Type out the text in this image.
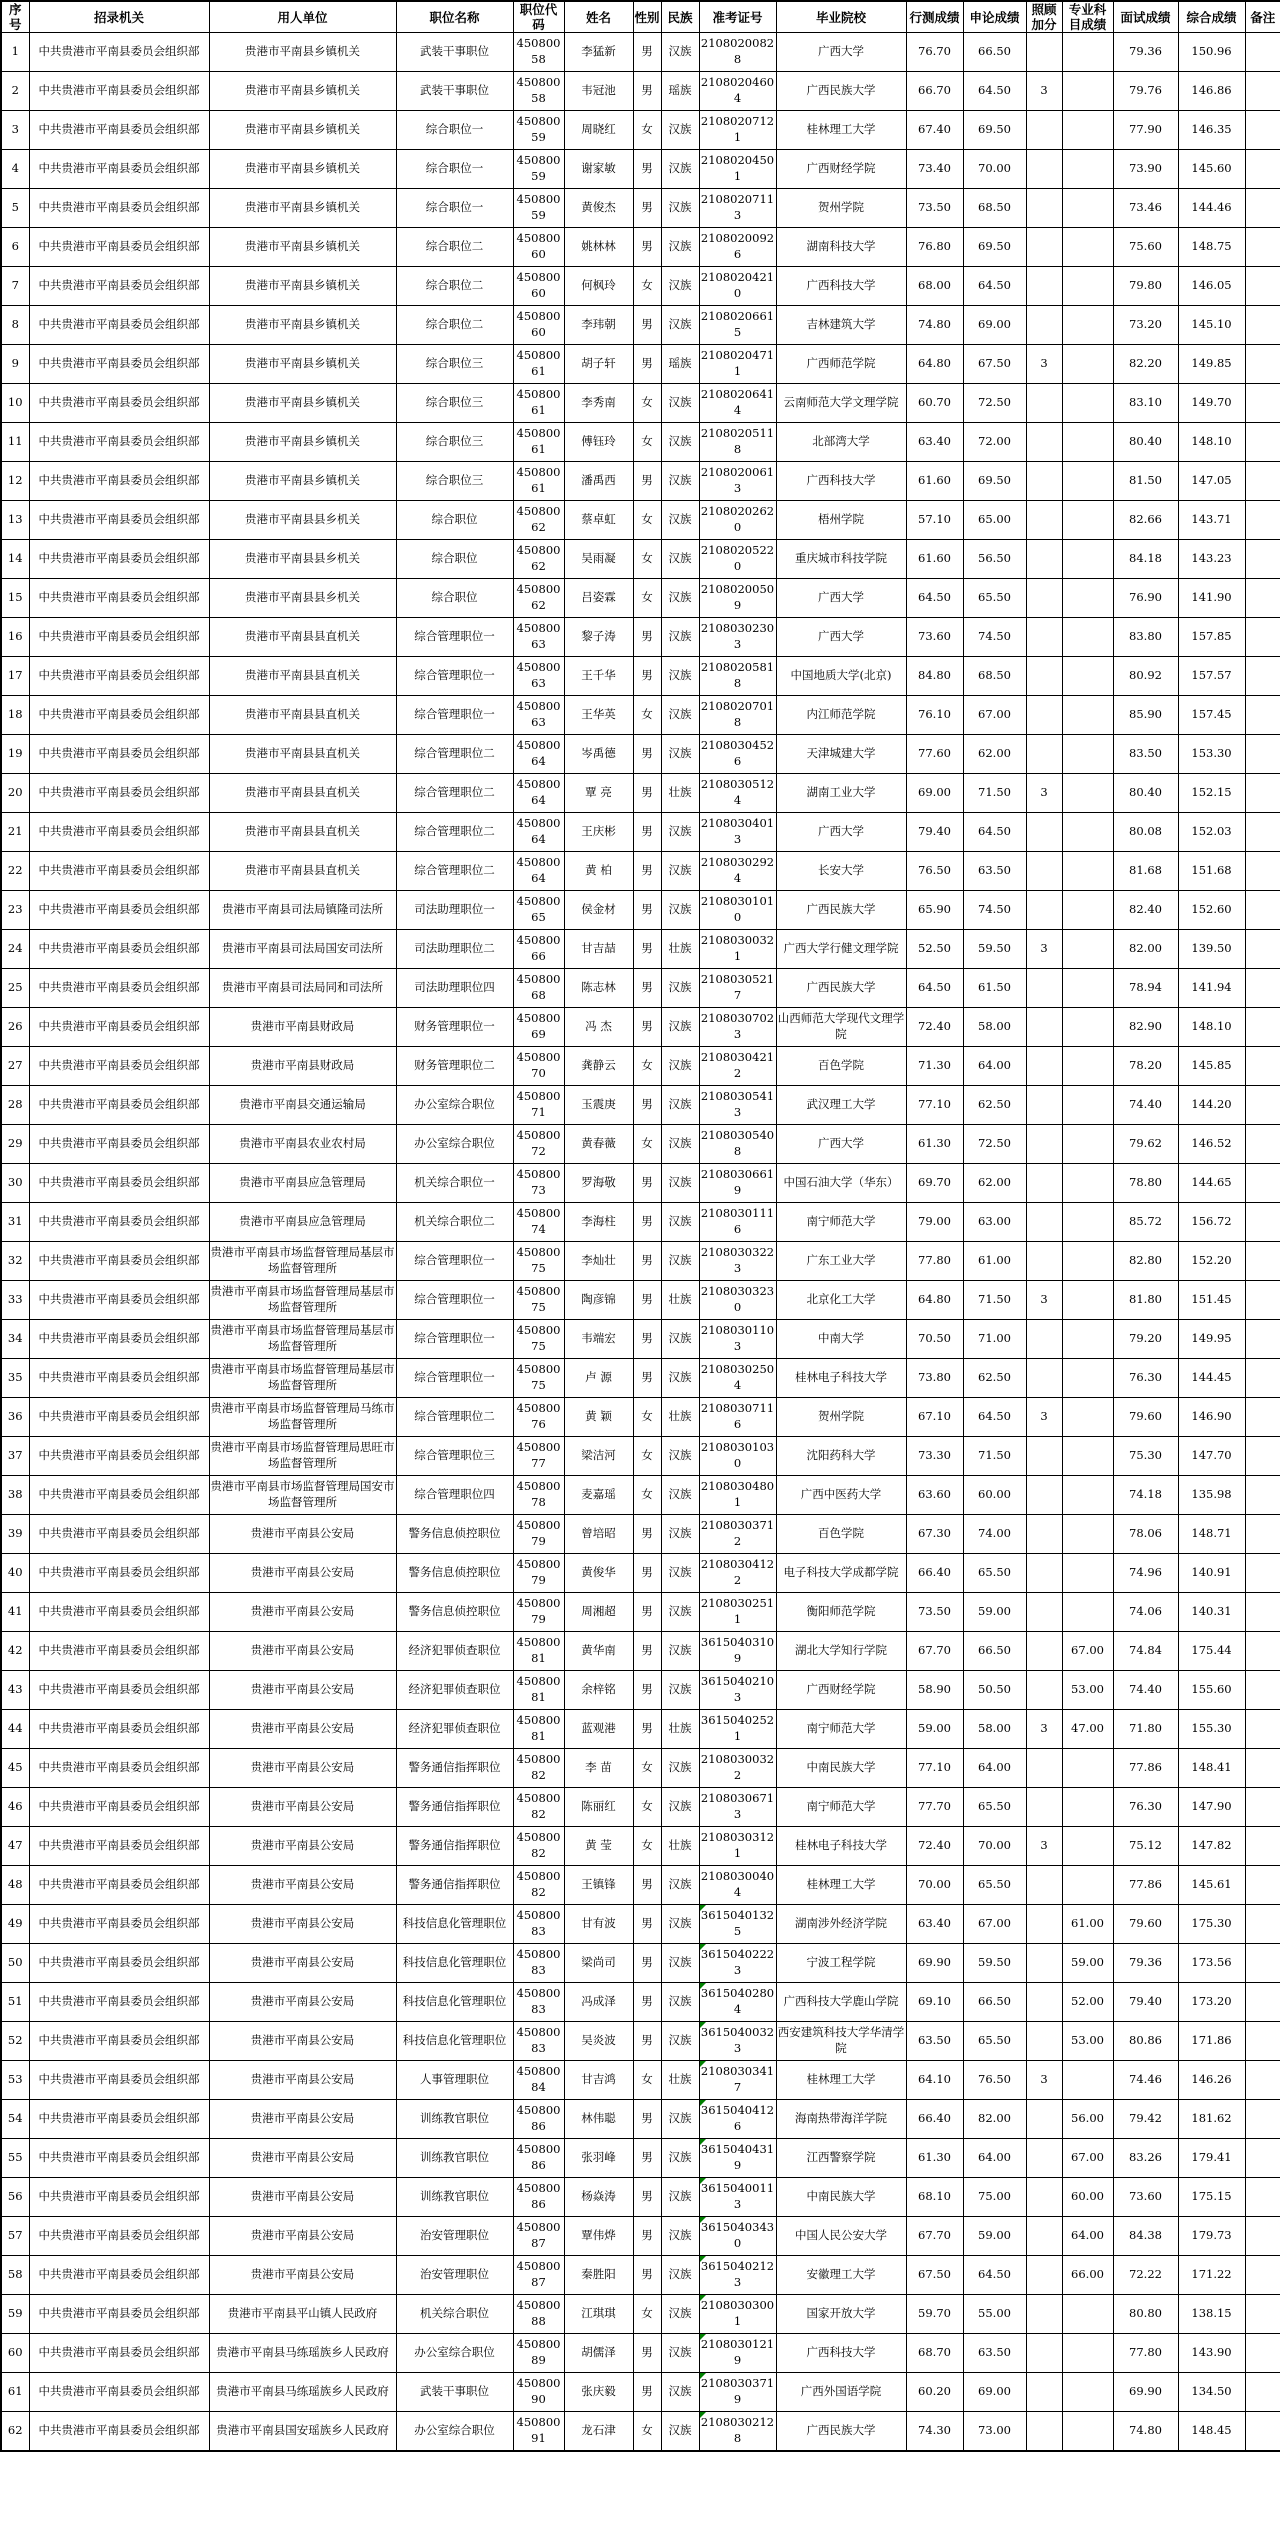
序号	招录机关	用人单位	职位名称	职位代码	姓名	性别	民族	准考证号	毕业院校	行测成绩	申论成绩	照顾加分	专业科目成绩	面试成绩	综合成绩	备注
1	中共贵港市平南县委员会组织部	贵港市平南县乡镇机关	武装干事职位	45080058	李猛新	男	汉族	21080200828	广西大学	76.70	66.50			79.36	150.96	
2	中共贵港市平南县委员会组织部	贵港市平南县乡镇机关	武装干事职位	45080058	韦冠池	男	瑶族	21080204604	广西民族大学	66.70	64.50	3		79.76	146.86	
3	中共贵港市平南县委员会组织部	贵港市平南县乡镇机关	综合职位一	45080059	周晓红	女	汉族	21080207121	桂林理工大学	67.40	69.50			77.90	146.35	
4	中共贵港市平南县委员会组织部	贵港市平南县乡镇机关	综合职位一	45080059	谢家敏	男	汉族	21080204501	广西财经学院	73.40	70.00			73.90	145.60	
5	中共贵港市平南县委员会组织部	贵港市平南县乡镇机关	综合职位一	45080059	黄俊杰	男	汉族	21080207113	贺州学院	73.50	68.50			73.46	144.46	
6	中共贵港市平南县委员会组织部	贵港市平南县乡镇机关	综合职位二	45080060	姚林林	男	汉族	21080200926	湖南科技大学	76.80	69.50			75.60	148.75	
7	中共贵港市平南县委员会组织部	贵港市平南县乡镇机关	综合职位二	45080060	何枫玲	女	汉族	21080204210	广西科技大学	68.00	64.50			79.80	146.05	
8	中共贵港市平南县委员会组织部	贵港市平南县乡镇机关	综合职位二	45080060	李玮朝	男	汉族	21080206615	吉林建筑大学	74.80	69.00			73.20	145.10	
9	中共贵港市平南县委员会组织部	贵港市平南县乡镇机关	综合职位三	45080061	胡子轩	男	瑶族	21080204711	广西师范学院	64.80	67.50	3		82.20	149.85	
10	中共贵港市平南县委员会组织部	贵港市平南县乡镇机关	综合职位三	45080061	李秀南	女	汉族	21080206414	云南师范大学文理学院	60.70	72.50			83.10	149.70	
11	中共贵港市平南县委员会组织部	贵港市平南县乡镇机关	综合职位三	45080061	傅钰玲	女	汉族	21080205118	北部湾大学	63.40	72.00			80.40	148.10	
12	中共贵港市平南县委员会组织部	贵港市平南县乡镇机关	综合职位三	45080061	潘禹西	男	汉族	21080200613	广西科技大学	61.60	69.50			81.50	147.05	
13	中共贵港市平南县委员会组织部	贵港市平南县县乡机关	综合职位	45080062	蔡卓虹	女	汉族	21080202620	梧州学院	57.10	65.00			82.66	143.71	
14	中共贵港市平南县委员会组织部	贵港市平南县县乡机关	综合职位	45080062	吴雨凝	女	汉族	21080205220	重庆城市科技学院	61.60	56.50			84.18	143.23	
15	中共贵港市平南县委员会组织部	贵港市平南县县乡机关	综合职位	45080062	吕姿霖	女	汉族	21080200509	广西大学	64.50	65.50			76.90	141.90	
16	中共贵港市平南县委员会组织部	贵港市平南县县直机关	综合管理职位一	45080063	黎子涛	男	汉族	21080302303	广西大学	73.60	74.50			83.80	157.85	
17	中共贵港市平南县委员会组织部	贵港市平南县县直机关	综合管理职位一	45080063	王千华	男	汉族	21080205818	中国地质大学(北京)	84.80	68.50			80.92	157.57	
18	中共贵港市平南县委员会组织部	贵港市平南县县直机关	综合管理职位一	45080063	王华英	女	汉族	21080207018	内江师范学院	76.10	67.00			85.90	157.45	
19	中共贵港市平南县委员会组织部	贵港市平南县县直机关	综合管理职位二	45080064	岑禹德	男	汉族	21080304526	天津城建大学	77.60	62.00			83.50	153.30	
20	中共贵港市平南县委员会组织部	贵港市平南县县直机关	综合管理职位二	45080064	覃 亮	男	壮族	21080305124	湖南工业大学	69.00	71.50	3		80.40	152.15	
21	中共贵港市平南县委员会组织部	贵港市平南县县直机关	综合管理职位二	45080064	王庆彬	男	汉族	21080304013	广西大学	79.40	64.50			80.08	152.03	
22	中共贵港市平南县委员会组织部	贵港市平南县县直机关	综合管理职位二	45080064	黄 柏	男	汉族	21080302924	长安大学	76.50	63.50			81.68	151.68	
23	中共贵港市平南县委员会组织部	贵港市平南县司法局镇隆司法所	司法助理职位一	45080065	侯金材	男	汉族	21080301010	广西民族大学	65.90	74.50			82.40	152.60	
24	中共贵港市平南县委员会组织部	贵港市平南县司法局国安司法所	司法助理职位二	45080066	甘吉喆	男	壮族	21080300321	广西大学行健文理学院	52.50	59.50	3		82.00	139.50	
25	中共贵港市平南县委员会组织部	贵港市平南县司法局同和司法所	司法助理职位四	45080068	陈志林	男	汉族	21080305217	广西民族大学	64.50	61.50			78.94	141.94	
26	中共贵港市平南县委员会组织部	贵港市平南县财政局	财务管理职位一	45080069	冯 杰	男	汉族	21080307023	山西师范大学现代文理学院	72.40	58.00			82.90	148.10	
27	中共贵港市平南县委员会组织部	贵港市平南县财政局	财务管理职位二	45080070	龚静云	女	汉族	21080304212	百色学院	71.30	64.00			78.20	145.85	
28	中共贵港市平南县委员会组织部	贵港市平南县交通运输局	办公室综合职位	45080071	玉震庚	男	汉族	21080305413	武汉理工大学	77.10	62.50			74.40	144.20	
29	中共贵港市平南县委员会组织部	贵港市平南县农业农村局	办公室综合职位	45080072	黄春薇	女	汉族	21080305408	广西大学	61.30	72.50			79.62	146.52	
30	中共贵港市平南县委员会组织部	贵港市平南县应急管理局	机关综合职位一	45080073	罗海敬	男	汉族	21080306619	中国石油大学（华东）	69.70	62.00			78.80	144.65	
31	中共贵港市平南县委员会组织部	贵港市平南县应急管理局	机关综合职位二	45080074	李海柱	男	汉族	21080301116	南宁师范大学	79.00	63.00			85.72	156.72	
32	中共贵港市平南县委员会组织部	贵港市平南县市场监督管理局基层市场监督管理所	综合管理职位一	45080075	李灿壮	男	汉族	21080303223	广东工业大学	77.80	61.00			82.80	152.20	
33	中共贵港市平南县委员会组织部	贵港市平南县市场监督管理局基层市场监督管理所	综合管理职位一	45080075	陶彦锦	男	壮族	21080303230	北京化工大学	64.80	71.50	3		81.80	151.45	
34	中共贵港市平南县委员会组织部	贵港市平南县市场监督管理局基层市场监督管理所	综合管理职位一	45080075	韦端宏	男	汉族	21080301103	中南大学	70.50	71.00			79.20	149.95	
35	中共贵港市平南县委员会组织部	贵港市平南县市场监督管理局基层市场监督管理所	综合管理职位一	45080075	卢 源	男	汉族	21080302504	桂林电子科技大学	73.80	62.50			76.30	144.45	
36	中共贵港市平南县委员会组织部	贵港市平南县市场监督管理局马练市场监督管理所	综合管理职位二	45080076	黄 颖	女	壮族	21080307116	贺州学院	67.10	64.50	3		79.60	146.90	
37	中共贵港市平南县委员会组织部	贵港市平南县市场监督管理局思旺市场监督管理所	综合管理职位三	45080077	梁洁河	女	汉族	21080301030	沈阳药科大学	73.30	71.50			75.30	147.70	
38	中共贵港市平南县委员会组织部	贵港市平南县市场监督管理局国安市场监督管理所	综合管理职位四	45080078	麦嘉瑶	女	汉族	21080304801	广西中医药大学	63.60	60.00			74.18	135.98	
39	中共贵港市平南县委员会组织部	贵港市平南县公安局	警务信息侦控职位	45080079	曾培昭	男	汉族	21080303712	百色学院	67.30	74.00			78.06	148.71	
40	中共贵港市平南县委员会组织部	贵港市平南县公安局	警务信息侦控职位	45080079	黄俊华	男	汉族	21080304122	电子科技大学成都学院	66.40	65.50			74.96	140.91	
41	中共贵港市平南县委员会组织部	贵港市平南县公安局	警务信息侦控职位	45080079	周湘超	男	汉族	21080302511	衡阳师范学院	73.50	59.00			74.06	140.31	
42	中共贵港市平南县委员会组织部	贵港市平南县公安局	经济犯罪侦查职位	45080081	黄华南	男	汉族	36150403109	湖北大学知行学院	67.70	66.50		67.00	74.84	175.44	
43	中共贵港市平南县委员会组织部	贵港市平南县公安局	经济犯罪侦查职位	45080081	余梓铭	男	汉族	36150402103	广西财经学院	58.90	50.50		53.00	74.40	155.60	
44	中共贵港市平南县委员会组织部	贵港市平南县公安局	经济犯罪侦查职位	45080081	蓝观港	男	壮族	36150402521	南宁师范大学	59.00	58.00	3	47.00	71.80	155.30	
45	中共贵港市平南县委员会组织部	贵港市平南县公安局	警务通信指挥职位	45080082	李 苗	女	汉族	21080300322	中南民族大学	77.10	64.00			77.86	148.41	
46	中共贵港市平南县委员会组织部	贵港市平南县公安局	警务通信指挥职位	45080082	陈丽红	女	汉族	21080306713	南宁师范大学	77.70	65.50			76.30	147.90	
47	中共贵港市平南县委员会组织部	贵港市平南县公安局	警务通信指挥职位	45080082	黄 莹	女	壮族	21080303121	桂林电子科技大学	72.40	70.00	3		75.12	147.82	
48	中共贵港市平南县委员会组织部	贵港市平南县公安局	警务通信指挥职位	45080082	王镇锋	男	汉族	21080300404	桂林理工大学	70.00	65.50			77.86	145.61	
49	中共贵港市平南县委员会组织部	贵港市平南县公安局	科技信息化管理职位	45080083	甘有波	男	汉族	36150401325	湖南涉外经济学院	63.40	67.00		61.00	79.60	175.30	
50	中共贵港市平南县委员会组织部	贵港市平南县公安局	科技信息化管理职位	45080083	梁尚司	男	汉族	36150402223	宁波工程学院	69.90	59.50		59.00	79.36	173.56	
51	中共贵港市平南县委员会组织部	贵港市平南县公安局	科技信息化管理职位	45080083	冯成泽	男	汉族	36150402804	广西科技大学鹿山学院	69.10	66.50		52.00	79.40	173.20	
52	中共贵港市平南县委员会组织部	贵港市平南县公安局	科技信息化管理职位	45080083	吴炎波	男	汉族	36150400323	西安建筑科技大学华清学院	63.50	65.50		53.00	80.86	171.86	
53	中共贵港市平南县委员会组织部	贵港市平南县公安局	人事管理职位	45080084	甘吉鸿	女	壮族	21080303417	桂林理工大学	64.10	76.50	3		74.46	146.26	
54	中共贵港市平南县委员会组织部	贵港市平南县公安局	训练教官职位	45080086	林伟聪	男	汉族	36150404126	海南热带海洋学院	66.40	82.00		56.00	79.42	181.62	
55	中共贵港市平南县委员会组织部	贵港市平南县公安局	训练教官职位	45080086	张羽峰	男	汉族	36150404319	江西警察学院	61.30	64.00		67.00	83.26	179.41	
56	中共贵港市平南县委员会组织部	贵港市平南县公安局	训练教官职位	45080086	杨焱涛	男	汉族	36150400113	中南民族大学	68.10	75.00		60.00	73.60	175.15	
57	中共贵港市平南县委员会组织部	贵港市平南县公安局	治安管理职位	45080087	覃伟烨	男	汉族	36150403430	中国人民公安大学	67.70	59.00		64.00	84.38	179.73	
58	中共贵港市平南县委员会组织部	贵港市平南县公安局	治安管理职位	45080087	秦胜阳	男	汉族	36150402123	安徽理工大学	67.50	64.50		66.00	72.22	171.22	
59	中共贵港市平南县委员会组织部	贵港市平南县平山镇人民政府	机关综合职位	45080088	江琪琪	女	汉族	21080303001	国家开放大学	59.70	55.00			80.80	138.15	
60	中共贵港市平南县委员会组织部	贵港市平南县马练瑶族乡人民政府	办公室综合职位	45080089	胡儒泽	男	汉族	21080301219	广西科技大学	68.70	63.50			77.80	143.90	
61	中共贵港市平南县委员会组织部	贵港市平南县马练瑶族乡人民政府	武装干事职位	45080090	张庆毅	男	汉族	21080303719	广西外国语学院	60.20	69.00			69.90	134.50	
62	中共贵港市平南县委员会组织部	贵港市平南县国安瑶族乡人民政府	办公室综合职位	45080091	龙石津	女	汉族	21080302128	广西民族大学	74.30	73.00			74.80	148.45	
